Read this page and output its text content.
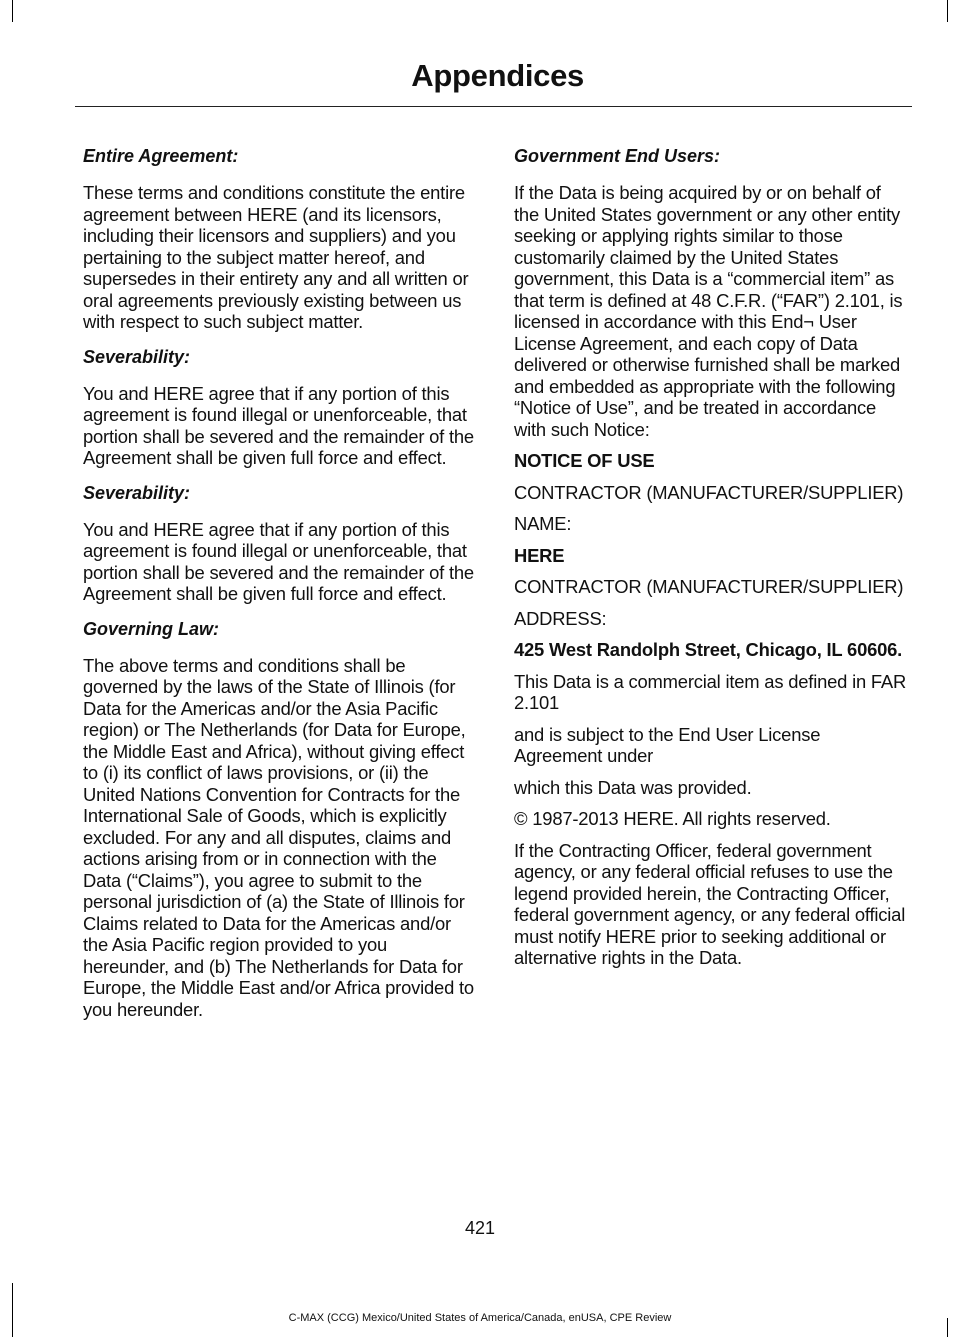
Appendices
Entire Agreement:

These terms and conditions constitute the entire agreement between HERE (and its licensors, including their licensors and suppliers) and you pertaining to the subject matter hereof, and supersedes in their entirety any and all written or oral agreements previously existing between us with respect to such subject matter.

Severability:

You and HERE agree that if any portion of this agreement is found illegal or unenforceable, that portion shall be severed and the remainder of the Agreement shall be given full force and effect.

Severability:

You and HERE agree that if any portion of this agreement is found illegal or unenforceable, that portion shall be severed and the remainder of the Agreement shall be given full force and effect.

Governing Law:

The above terms and conditions shall be governed by the laws of the State of Illinois (for Data for the Americas and/or the Asia Pacific region) or The Netherlands (for Data for Europe, the Middle East and Africa), without giving effect to (i) its conflict of laws provisions, or (ii) the United Nations Convention for Contracts for the International Sale of Goods, which is explicitly excluded. For any and all disputes, claims and actions arising from or in connection with the Data (“Claims”), you agree to submit to the personal jurisdiction of (a) the State of Illinois for Claims related to Data for the Americas and/or the Asia Pacific region provided to you hereunder, and (b) The Netherlands for Data for Europe, the Middle East and/or Africa provided to you hereunder.

Government End Users:

If the Data is being acquired by or on behalf of the United States government or any other entity seeking or applying rights similar to those customarily claimed by the United States government, this Data is a “commercial item” as that term is defined at 48 C.F.R. (“FAR”) 2.101, is licensed in accordance with this End¬ User License Agreement, and each copy of Data delivered or otherwise furnished shall be marked and embedded as appropriate with the following “Notice of Use”, and be treated in accordance with such Notice:

NOTICE OF USE

CONTRACTOR (MANUFACTURER/SUPPLIER)

NAME:

HERE

CONTRACTOR (MANUFACTURER/SUPPLIER)

ADDRESS:

425 West Randolph Street, Chicago, IL 60606.

This Data is a commercial item as defined in FAR 2.101

and is subject to the End User License Agreement under

which this Data was provided.

© 1987-2013 HERE. All rights reserved.

If the Contracting Officer, federal government agency, or any federal official refuses to use the legend provided herein, the Contracting Officer, federal government agency, or any federal official must notify HERE prior to seeking additional or alternative rights in the Data.

421
C-MAX (CCG) Mexico/United States of America/Canada, enUSA, CPE Review
